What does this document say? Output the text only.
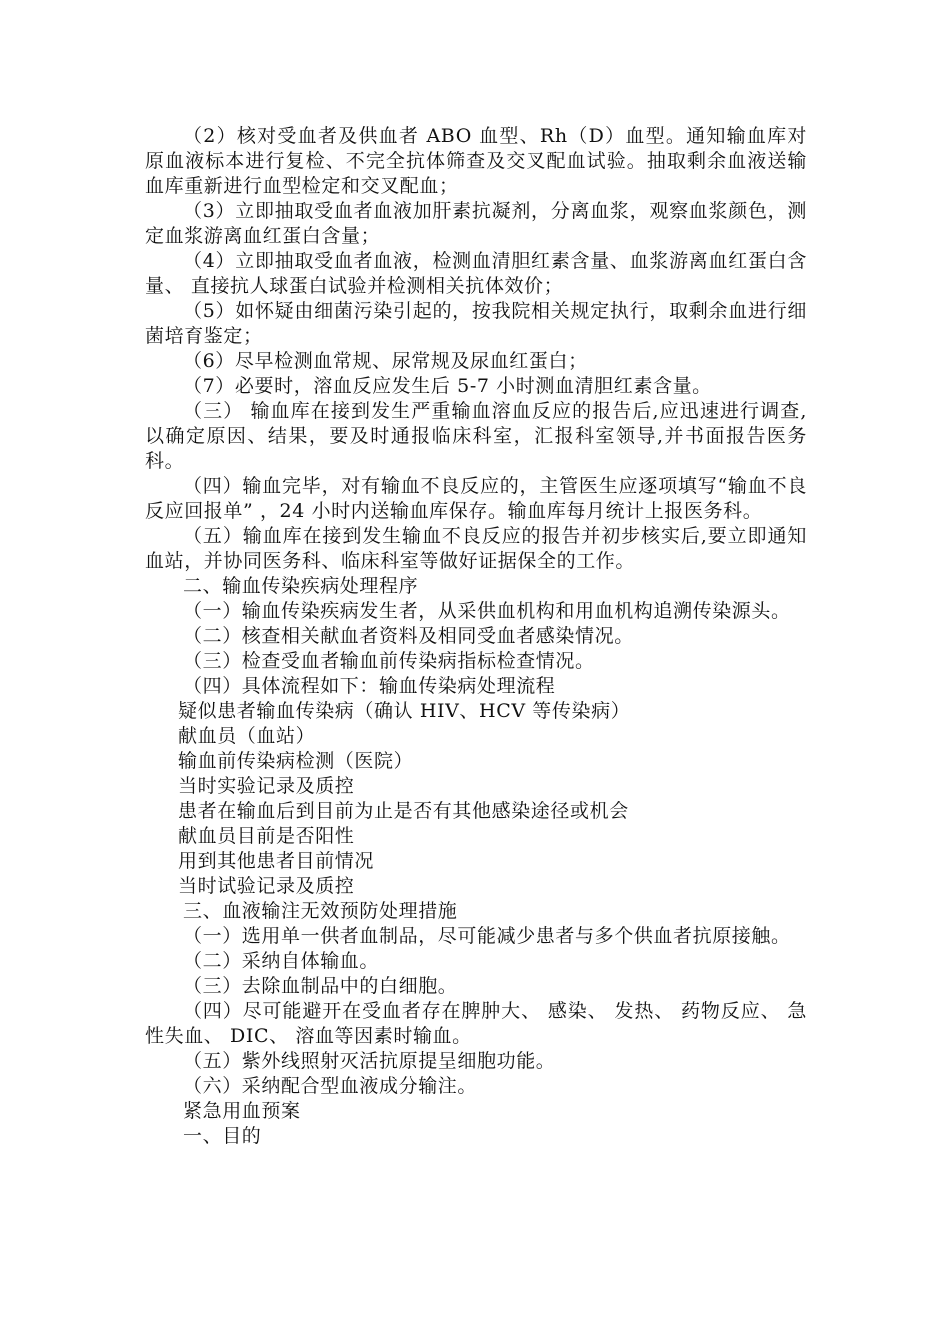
（2）核对受血者及供血者 ABO 血型、Rh（D）血型。通知输血库对原血液标本进行复检、不完全抗体筛查及交叉配血试验。抽取剩余血液送输血库重新进行血型检定和交叉配血；

（3）立即抽取受血者血液加肝素抗凝剂，分离血浆，观察血浆颜色，测定血浆游离血红蛋白含量；

（4）立即抽取受血者血液，检测血清胆红素含量、血浆游离血红蛋白含量、 直接抗人球蛋白试验并检测相关抗体效价；

（5）如怀疑由细菌污染引起的，按我院相关规定执行，取剩余血进行细菌培育鉴定；

（6）尽早检测血常规、尿常规及尿血红蛋白；

（7）必要时，溶血反应发生后 5-7 小时测血清胆红素含量。

（三） 输血库在接到发生严重输血溶血反应的报告后,应迅速进行调查,以确定原因、结果，要及时通报临床科室，汇报科室领导,并书面报告医务科。

（四）输血完毕，对有输血不良反应的，主管医生应逐项填写“输血不良反应回报单” ，24 小时内送输血库保存。输血库每月统计上报医务科。

（五）输血库在接到发生输血不良反应的报告并初步核实后,要立即通知血站，并协同医务科、临床科室等做好证据保全的工作。

二、输血传染疾病处理程序

（一）输血传染疾病发生者，从采供血机构和用血机构追溯传染源头。

（二）核查相关献血者资料及相同受血者感染情况。

（三）检查受血者输血前传染病指标检查情况。

（四）具体流程如下：输血传染病处理流程

疑似患者输血传染病（确认 HIV、HCV 等传染病）

献血员（血站）

输血前传染病检测（医院）

当时实验记录及质控

患者在输血后到目前为止是否有其他感染途径或机会

献血员目前是否阳性

用到其他患者目前情况

当时试验记录及质控

三、血液输注无效预防处理措施

（一）选用单一供者血制品，尽可能减少患者与多个供血者抗原接触。

（二）采纳自体输血。

（三）去除血制品中的白细胞。

（四）尽可能避开在受血者存在脾肿大、 感染、 发热、 药物反应、 急性失血、 DIC、 溶血等因素时输血。

（五）紫外线照射灭活抗原提呈细胞功能。

（六）采纳配合型血液成分输注。

紧急用血预案

一、目的
